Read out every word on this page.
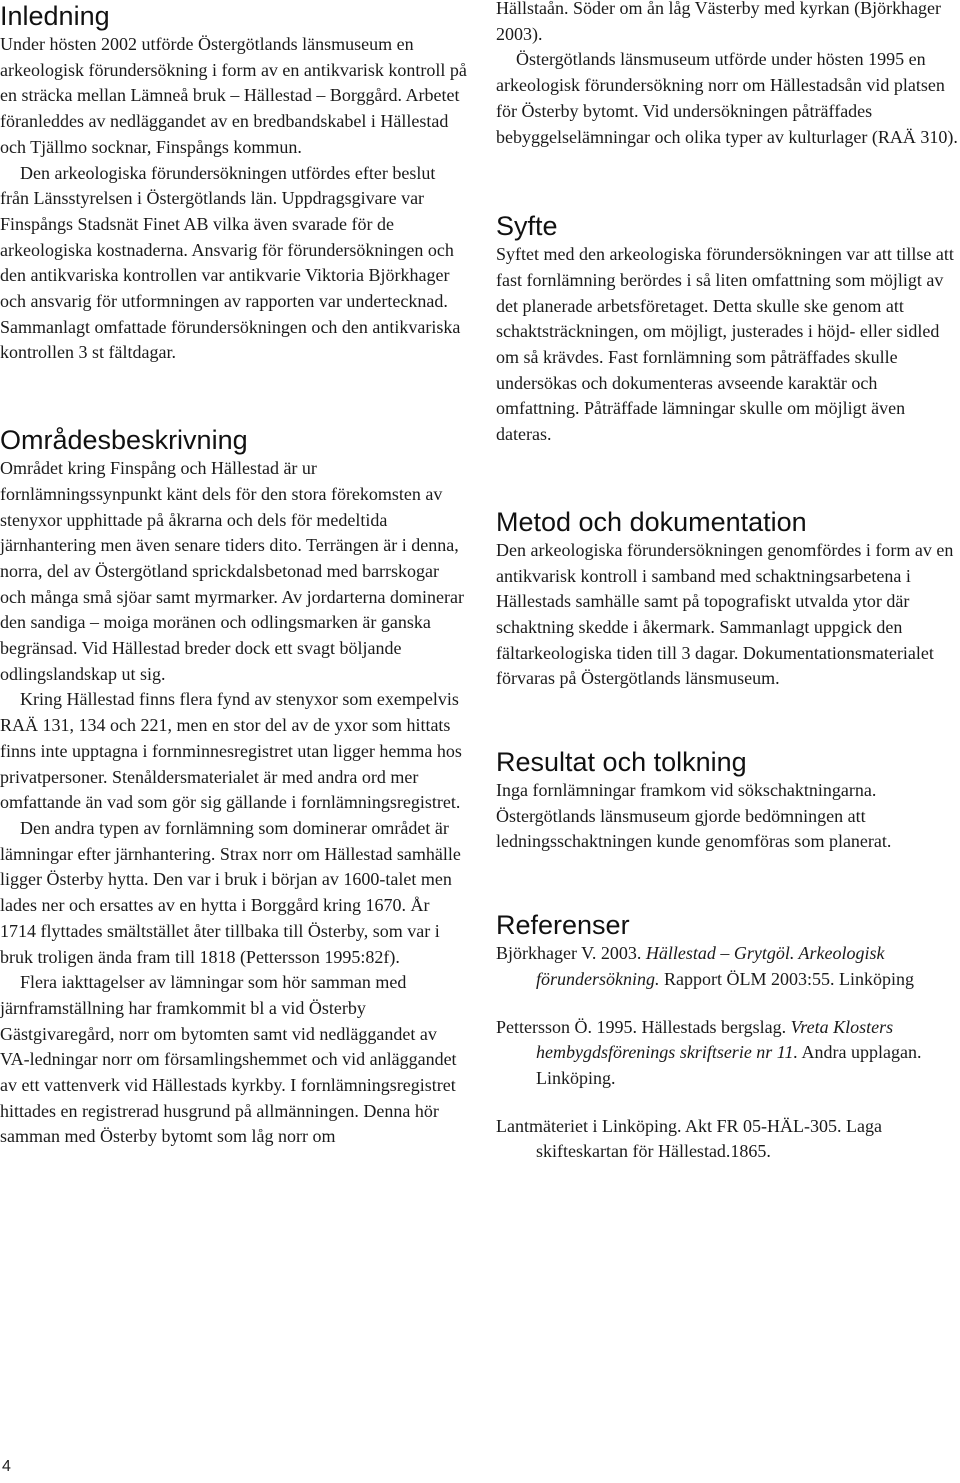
Inledning

Under hösten 2002 utförde Östergötlands länsmuseum en arkeologisk förundersökning i form av en antikvarisk kontroll på en sträcka mellan Lämneå bruk – Hällestad – Borggård. Arbetet föranleddes av nedläggandet av en bredbandskabel i Hällestad och Tjällmo socknar, Finspångs kommun.

Den arkeologiska förundersökningen utfördes efter beslut från Länsstyrelsen i Östergötlands län. Uppdragsgivare var Finspångs Stadsnät Finet AB vilka även svarade för de arkeologiska kostnaderna. Ansvarig för förundersökningen och den antikvariska kontrollen var antikvarie Viktoria Björkhager och ansvarig för utformningen av rapporten var undertecknad. Sammanlagt omfattade förundersökningen och den antikvariska kontrollen 3 st fältdagar.

Områdesbeskrivning

Området kring Finspång och Hällestad är ur fornlämningssynpunkt känt dels för den stora förekomsten av stenyxor upphittade på åkrarna och dels för medeltida järnhantering men även senare tiders dito. Terrängen är i denna, norra, del av Östergötland sprickdalsbetonad med barrskogar och många små sjöar samt myrmarker. Av jordarterna dominerar den sandiga – moiga moränen och odlingsmarken är ganska begränsad. Vid Hällestad breder dock ett svagt böljande odlingslandskap ut sig.

Kring Hällestad finns flera fynd av stenyxor som exempelvis RAÄ 131, 134 och 221, men en stor del av de yxor som hittats finns inte upptagna i fornminnesregistret utan ligger hemma hos privatpersoner. Stenåldersmaterialet är med andra ord mer omfattande än vad som gör sig gällande i fornlämningsregistret.

Den andra typen av fornlämning som dominerar området är lämningar efter järnhantering. Strax norr om Hällestad samhälle ligger Österby hytta. Den var i bruk i början av 1600-talet men lades ner och ersattes av en hytta i Borggård kring 1670. År 1714 flyttades smältstället åter tillbaka till Österby, som var i bruk troligen ända fram till 1818 (Pettersson 1995:82f).

Flera iakttagelser av lämningar som hör samman med järnframställning har framkommit bl a vid Österby Gästgivaregård, norr om bytomten samt vid nedläggandet av VA-ledningar norr om församlingshemmet och vid anläggandet av ett vattenverk vid Hällestads kyrkby. I fornlämningsregistret hittades en registrerad husgrund på allmänningen. Denna hör samman med Österby bytomt som låg norr om

Hällstaån. Söder om ån låg Västerby med kyrkan (Björkhager 2003).

Östergötlands länsmuseum utförde under hösten 1995 en arkeologisk förundersökning norr om Hällestadsån vid platsen för Österby bytomt. Vid undersökningen påträffades bebyggelselämningar och olika typer av kulturlager (RAÄ 310).

Syfte

Syftet med den arkeologiska förundersökningen var att tillse att fast fornlämning berördes i så liten omfattning som möjligt av det planerade arbetsföretaget. Detta skulle ske genom att schaktsträckningen, om möjligt, justerades i höjd- eller sidled om så krävdes. Fast fornlämning som påträffades skulle undersökas och dokumenteras avseende karaktär och omfattning. Påträffade lämningar skulle om möjligt även dateras.

Metod och dokumentation

Den arkeologiska förundersökningen genomfördes i form av en antikvarisk kontroll i samband med schaktningsarbetena i Hällestads samhälle samt på topografiskt utvalda ytor där schaktning skedde i åkermark. Sammanlagt uppgick den fältarkeologiska tiden till 3 dagar. Dokumentationsmaterialet förvaras på Östergötlands länsmuseum.

Resultat och tolkning

Inga fornlämningar framkom vid sökschaktningarna. Östergötlands länsmuseum gjorde bedömningen att ledningsschaktningen kunde genomföras som planerat.

Referenser

Björkhager V. 2003. Hällestad – Grytgöl. Arkeologisk förundersökning. Rapport ÖLM 2003:55. Linköping

Pettersson Ö. 1995. Hällestads bergslag. Vreta Klosters hembygdsförenings skriftserie nr 11. Andra upplagan. Linköping.

Lantmäteriet i Linköping. Akt FR 05-HÄL-305. Laga skifteskartan för Hällestad.1865.

4
